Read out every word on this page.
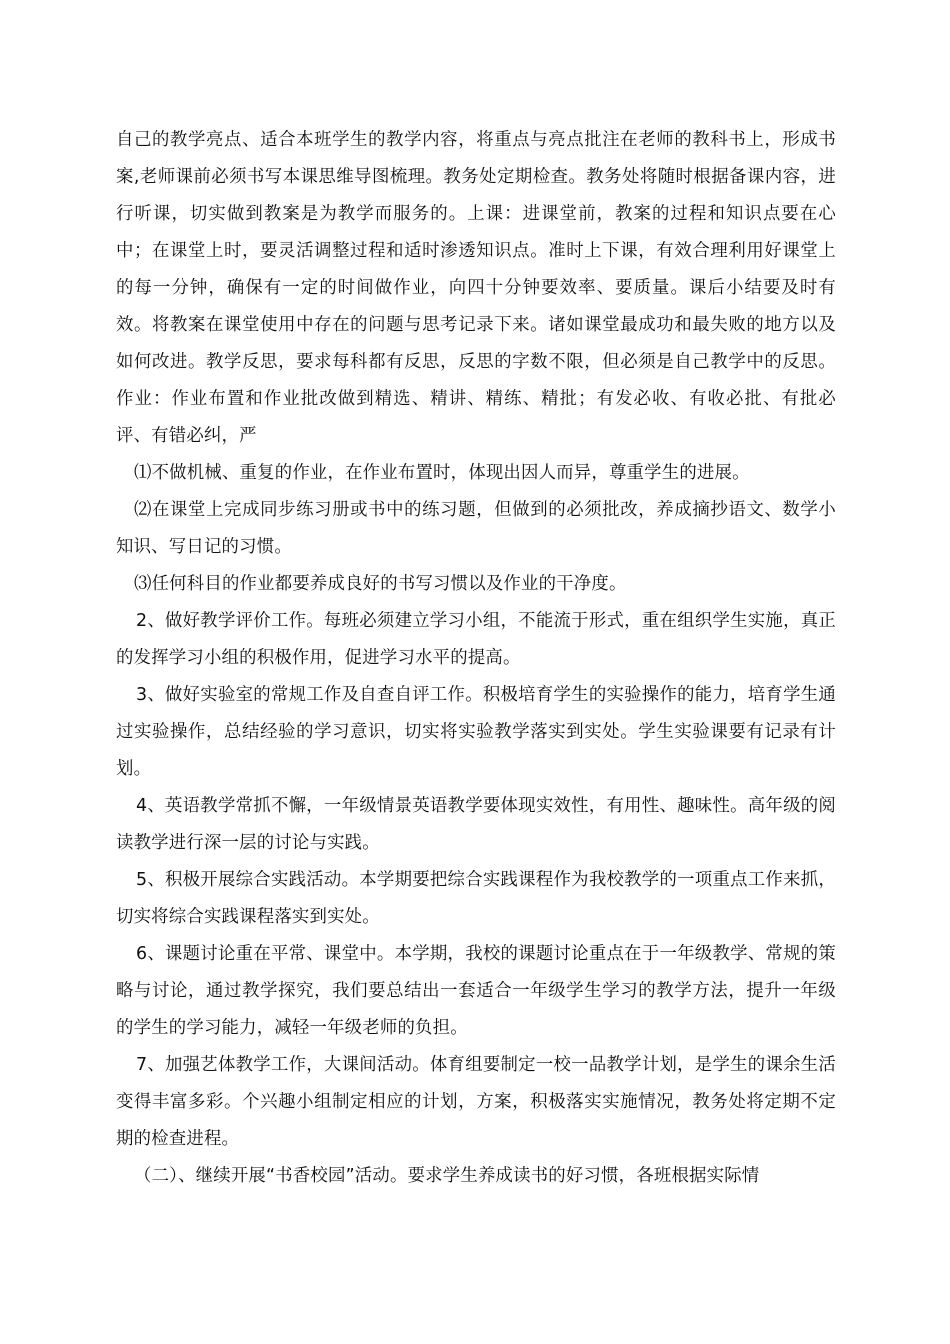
自己的教学亮点、适合本班学生的教学内容，将重点与亮点批注在老师的教科书上，形成书案,老师课前必须书写本课思维导图梳理。教务处定期检查。教务处将随时根据备课内容，进行听课，切实做到教案是为教学而服务的。上课：进课堂前，教案的过程和知识点要在心中；在课堂上时，要灵活调整过程和适时渗透知识点。准时上下课，有效合理利用好课堂上的每一分钟，确保有一定的时间做作业，向四十分钟要效率、要质量。课后小结要及时有效。将教案在课堂使用中存在的问题与思考记录下来。诸如课堂最成功和最失败的地方以及如何改进。教学反思，要求每科都有反思，反思的字数不限，但必须是自己教学中的反思。作业：作业布置和作业批改做到精选、精讲、精练、精批；有发必收、有收必批、有批必评、有错必纠，严

⑴不做机械、重复的作业，在作业布置时，体现出因人而异，尊重学生的进展。

⑵在课堂上完成同步练习册或书中的练习题，但做到的必须批改，养成摘抄语文、数学小知识、写日记的习惯。

⑶任何科目的作业都要养成良好的书写习惯以及作业的干净度。

2、做好教学评价工作。每班必须建立学习小组，不能流于形式，重在组织学生实施，真正的发挥学习小组的积极作用，促进学习水平的提高。

3、做好实验室的常规工作及自查自评工作。积极培育学生的实验操作的能力，培育学生通过实验操作，总结经验的学习意识，切实将实验教学落实到实处。学生实验课要有记录有计划。

4、英语教学常抓不懈，一年级情景英语教学要体现实效性，有用性、趣味性。高年级的阅读教学进行深一层的讨论与实践。

5、积极开展综合实践活动。本学期要把综合实践课程作为我校教学的一项重点工作来抓，切实将综合实践课程落实到实处。

6、课题讨论重在平常、课堂中。本学期，我校的课题讨论重点在于一年级教学、常规的策略与讨论，通过教学探究，我们要总结出一套适合一年级学生学习的教学方法，提升一年级的学生的学习能力，减轻一年级老师的负担。

7、加强艺体教学工作，大课间活动。体育组要制定一校一品教学计划，是学生的课余生活变得丰富多彩。个兴趣小组制定相应的计划，方案，积极落实实施情况，教务处将定期不定期的检查进程。

（二）、继续开展“书香校园”活动。要求学生养成读书的好习惯，各班根据实际情
